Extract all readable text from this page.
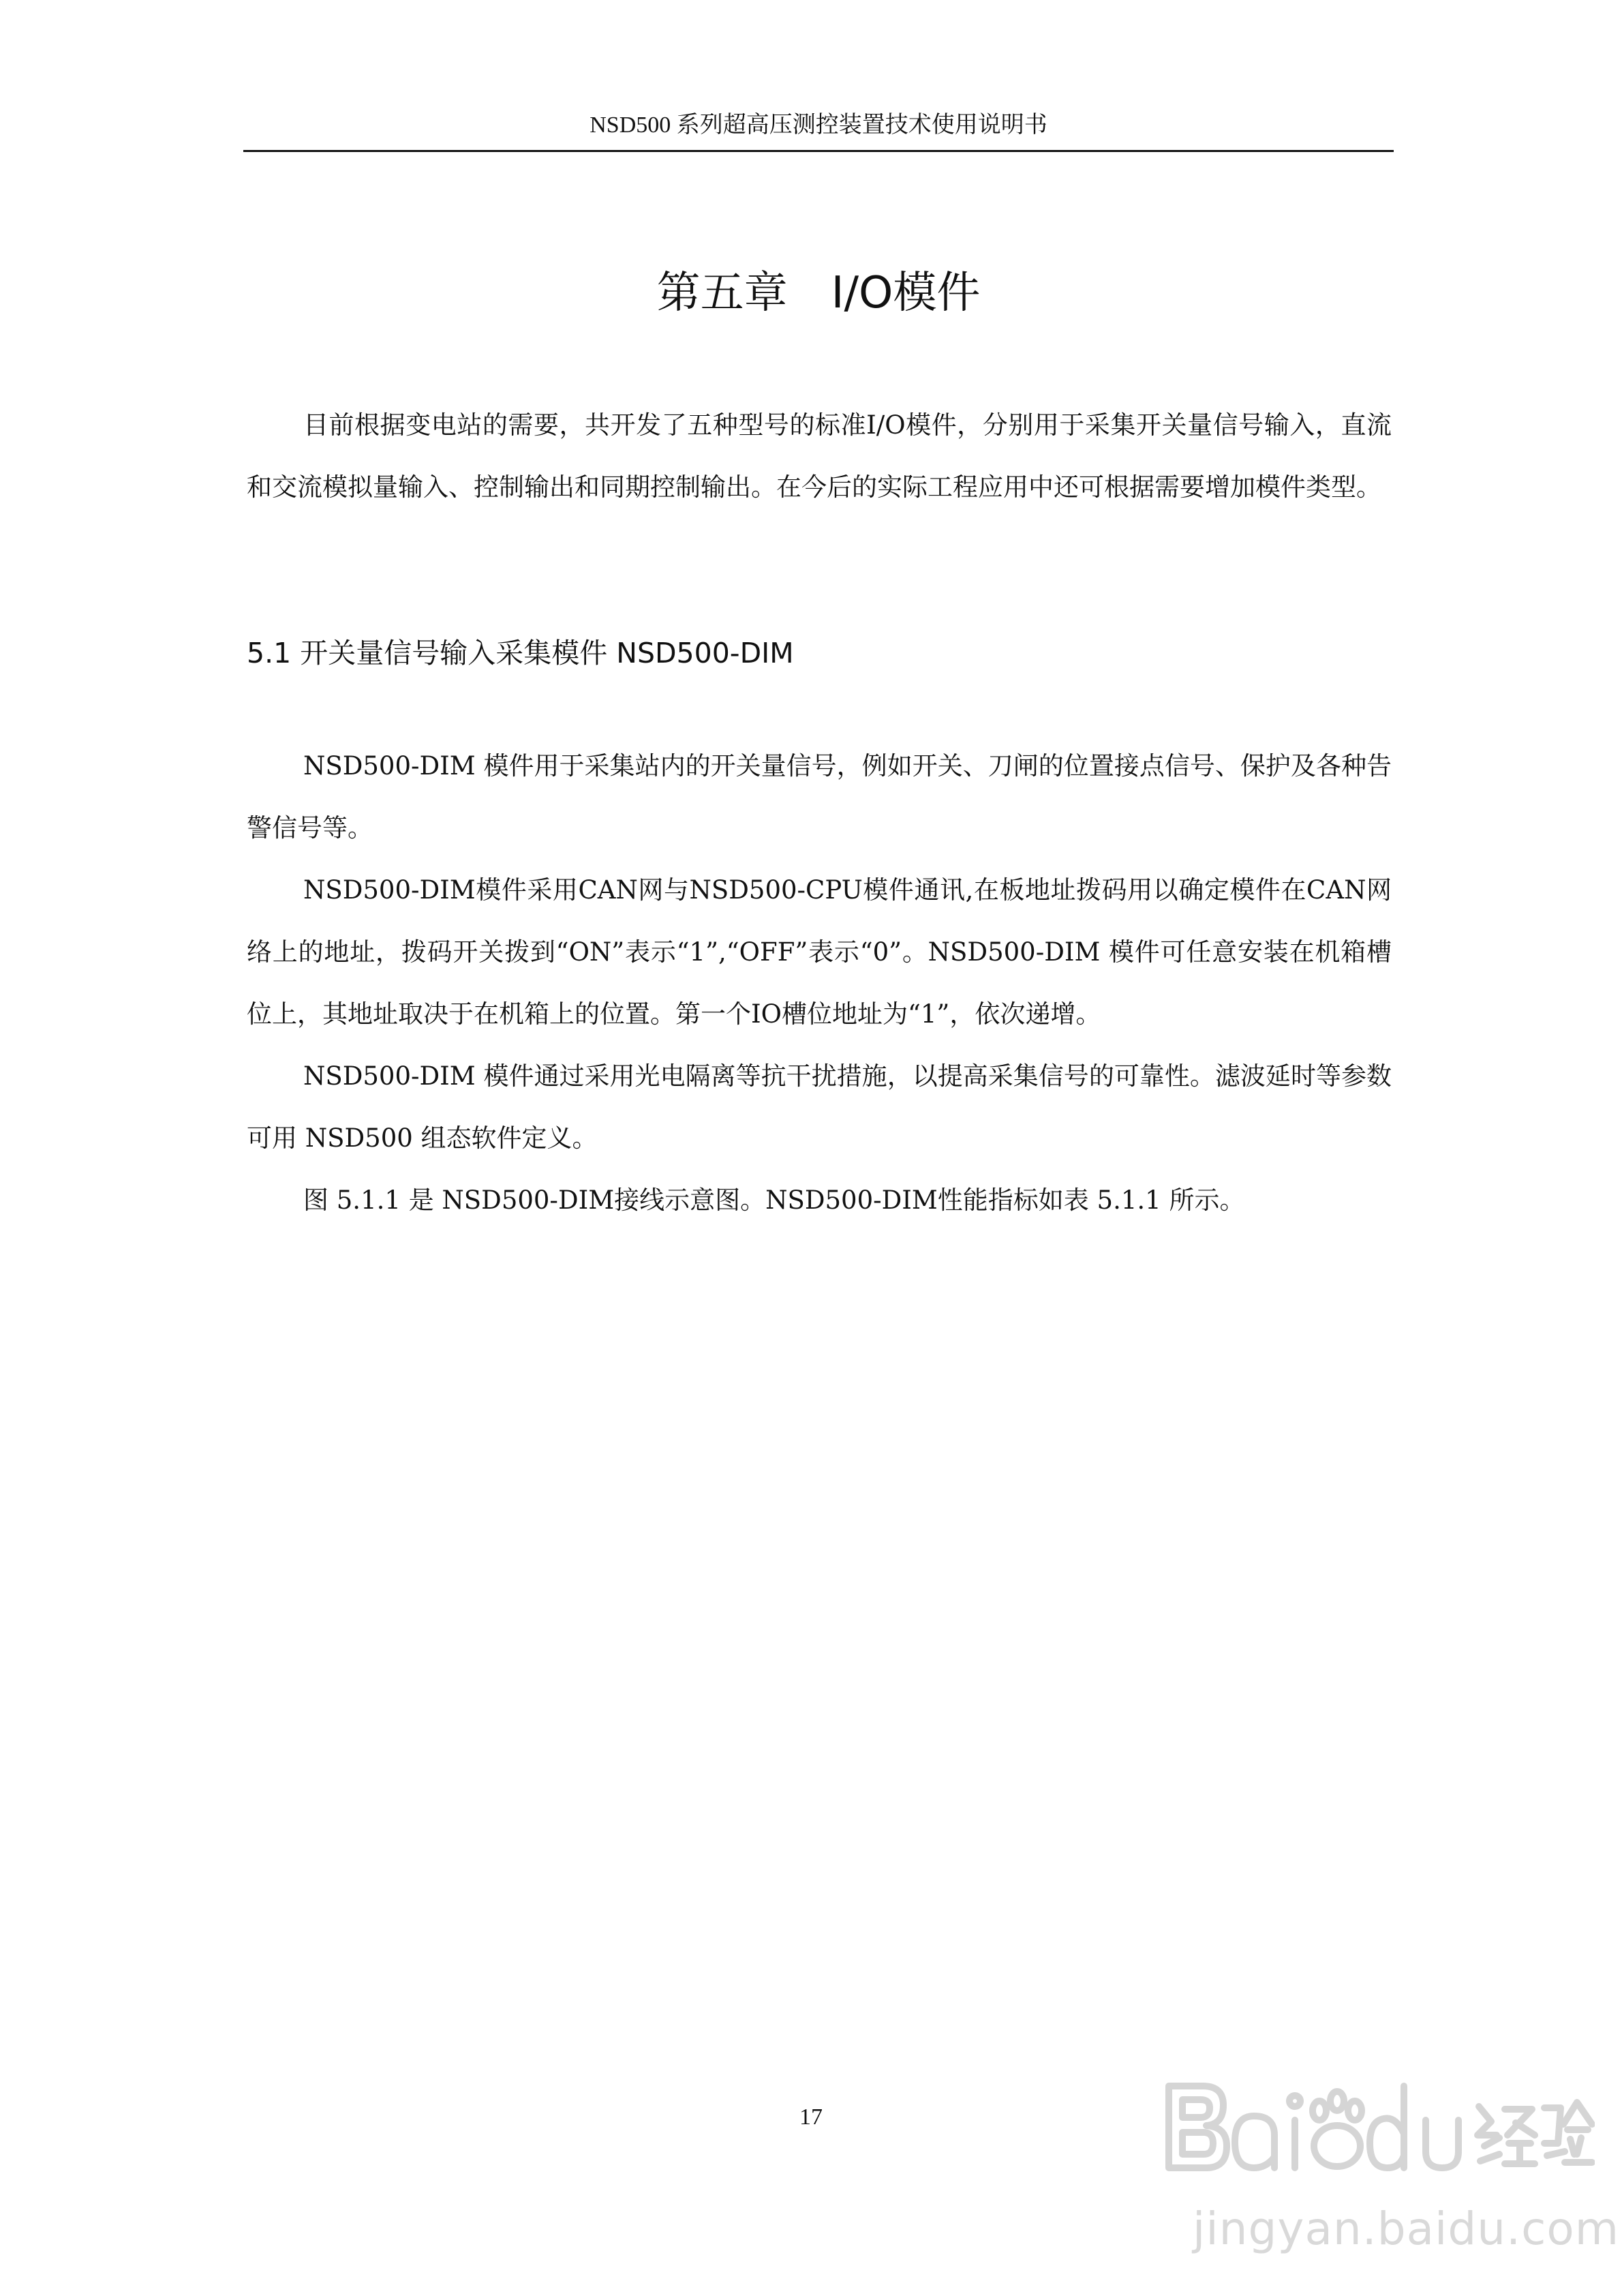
NSD500 系列超高压测控装置技术使用说明书
第五章　I/O模件

目前根据变电站的需要，共开发了五种型号的标准I/O模件，分别用于采集开关量信号输入，直流和交流模拟量输入、控制输出和同期控制输出。在今后的实际工程应用中还可根据需要增加模件类型。

5.1 开关量信号输入采集模件 NSD500-DIM

NSD500-DIM 模件用于采集站内的开关量信号，例如开关、刀闸的位置接点信号、保护及各种告警信号等。

NSD500-DIM模件采用CAN网与NSD500-CPU模件通讯,在板地址拨码用以确定模件在CAN网络上的地址，拨码开关拨到“ON”表示“1”,“OFF”表示“0”。NSD500-DIM 模件可任意安装在机箱槽位上，其地址取决于在机箱上的位置。第一个IO槽位地址为“1”，依次递增。

NSD500-DIM 模件通过采用光电隔离等抗干扰措施，以提高采集信号的可靠性。滤波延时等参数可用 NSD500 组态软件定义。

图 5.1.1 是 NSD500-DIM接线示意图。NSD500-DIM性能指标如表 5.1.1 所示。

17
jingyan.baidu.com
